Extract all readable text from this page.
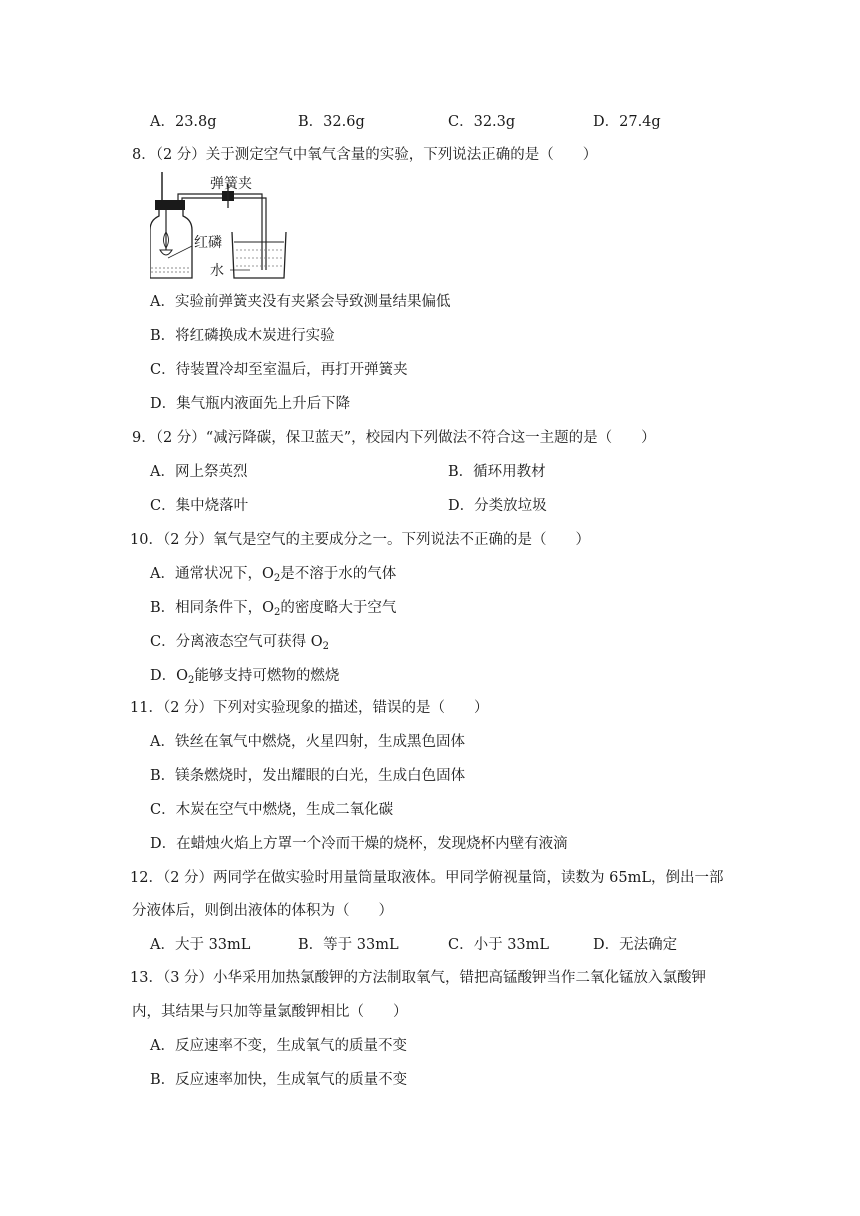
A．23.8g	B．32.6g	C．32.3g	D．27.4g
8．（2 分）关于测定空气中氧气含量的实验，下列说法正确的是（　　）
弹簧夹
红磷
水
A．实验前弹簧夹没有夹紧会导致测量结果偏低
B．将红磷换成木炭进行实验
C．待装置冷却至室温后，再打开弹簧夹
D．集气瓶内液面先上升后下降
9．（2 分）“减污降碳，保卫蓝天”，校园内下列做法不符合这一主题的是（　　）
A．网上祭英烈	B．循环用教材
C．集中烧落叶	D．分类放垃圾
10．（2 分）氧气是空气的主要成分之一。下列说法不正确的是（　　）
A．通常状况下，$O_2$是不溶于水的气体
B．相同条件下，$O_2$的密度略大于空气
C．分离液态空气可获得 $O_2$
D．$O_2$能够支持可燃物的燃烧
11．（2 分）下列对实验现象的描述，错误的是（　　）
A．铁丝在氧气中燃烧，火星四射，生成黑色固体
B．镁条燃烧时，发出耀眼的白光，生成白色固体
C．木炭在空气中燃烧，生成二氧化碳
D．在蜡烛火焰上方罩一个冷而干燥的烧杯，发现烧杯内壁有液滴
12．（2 分）两同学在做实验时用量筒量取液体。甲同学俯视量筒，读数为 65mL，倒出一部
分液体后，则倒出液体的体积为（　　）
A．大于 33mL	B．等于 33mL	C．小于 33mL	D．无法确定
13．（3 分）小华采用加热氯酸钾的方法制取氧气，错把高锰酸钾当作二氧化锰放入氯酸钾
内，其结果与只加等量氯酸钾相比（　　）
A．反应速率不变，生成氧气的质量不变
B．反应速率加快，生成氧气的质量不变
